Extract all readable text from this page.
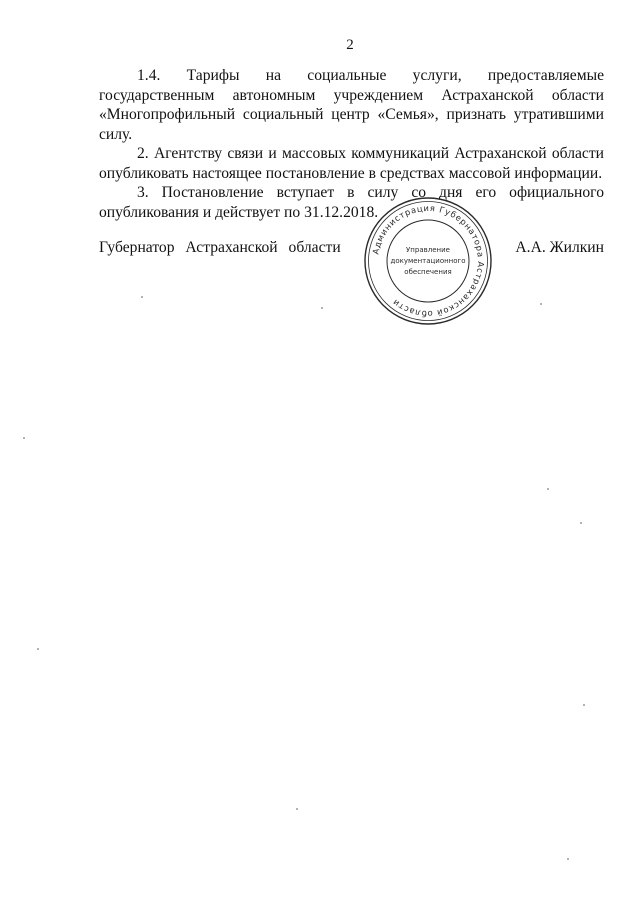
2

1.4. Тарифы на социальные услуги, предоставляемые государственным автономным учреждением Астраханской области «Многопрофильный социальный центр «Семья», признать утратившими силу.

2. Агентству связи и массовых коммуникаций Астраханской области опубликовать настоящее постановление в средствах массовой информации.

3. Постановление вступает в силу со дня его официального опубликования и действует по 31.12.2018.

Губернатор Астраханской области	А.А. Жилкин
Администрация Губернатора Астраханской области
Управление
документационного
обеспечения
